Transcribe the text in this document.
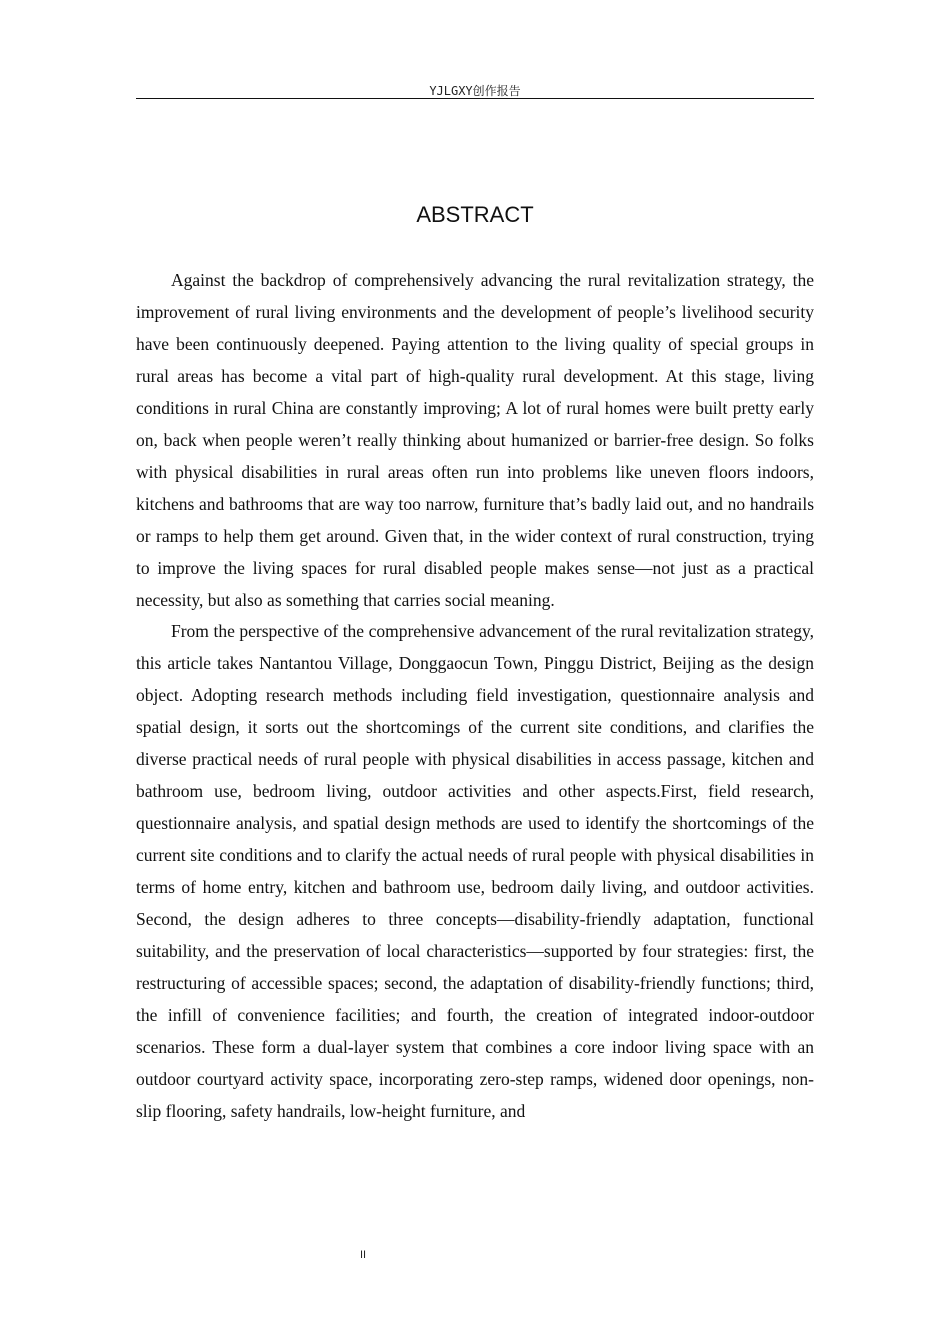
YJLGXY创作报告
ABSTRACT

Against the backdrop of comprehensively advancing the rural revitalization strategy, the improvement of rural living environments and the development of people’s livelihood security have been continuously deepened. Paying attention to the living quality of special groups in rural areas has become a vital part of high-quality rural development. At this stage, living conditions in rural China are constantly improving; A lot of rural homes were built pretty early on, back when people weren’t really thinking about humanized or barrier-free design. So folks with physical disabilities in rural areas often run into problems like uneven floors indoors, kitchens and bathrooms that are way too narrow, furniture that’s badly laid out, and no handrails or ramps to help them get around. Given that, in the wider context of rural construction, trying to improve the living spaces for rural disabled people makes sense—not just as a practical necessity, but also as something that carries social meaning.

From the perspective of the comprehensive advancement of the rural revitalization strategy, this article takes Nantantou Village, Donggaocun Town, Pinggu District, Beijing as the design object. Adopting research methods including field investigation, questionnaire analysis and spatial design, it sorts out the shortcomings of the current site conditions, and clarifies the diverse practical needs of rural people with physical disabilities in access passage, kitchen and bathroom use, bedroom living, outdoor activities and other aspects.First, field research, questionnaire analysis, and spatial design methods are used to identify the shortcomings of the current site conditions and to clarify the actual needs of rural people with physical disabilities in terms of home entry, kitchen and bathroom use, bedroom daily living, and outdoor activities. Second, the design adheres to three concepts—disability-friendly adaptation, functional suitability, and the preservation of local characteristics—supported by four strategies: first, the restructuring of accessible spaces; second, the adaptation of disability-friendly functions; third, the infill of convenience facilities; and fourth, the creation of integrated indoor-outdoor scenarios. These form a dual-layer system that combines a core indoor living space with an outdoor courtyard activity space, incorporating zero-step ramps, widened door openings, non-slip flooring, safety handrails, low-height furniture, and

II
